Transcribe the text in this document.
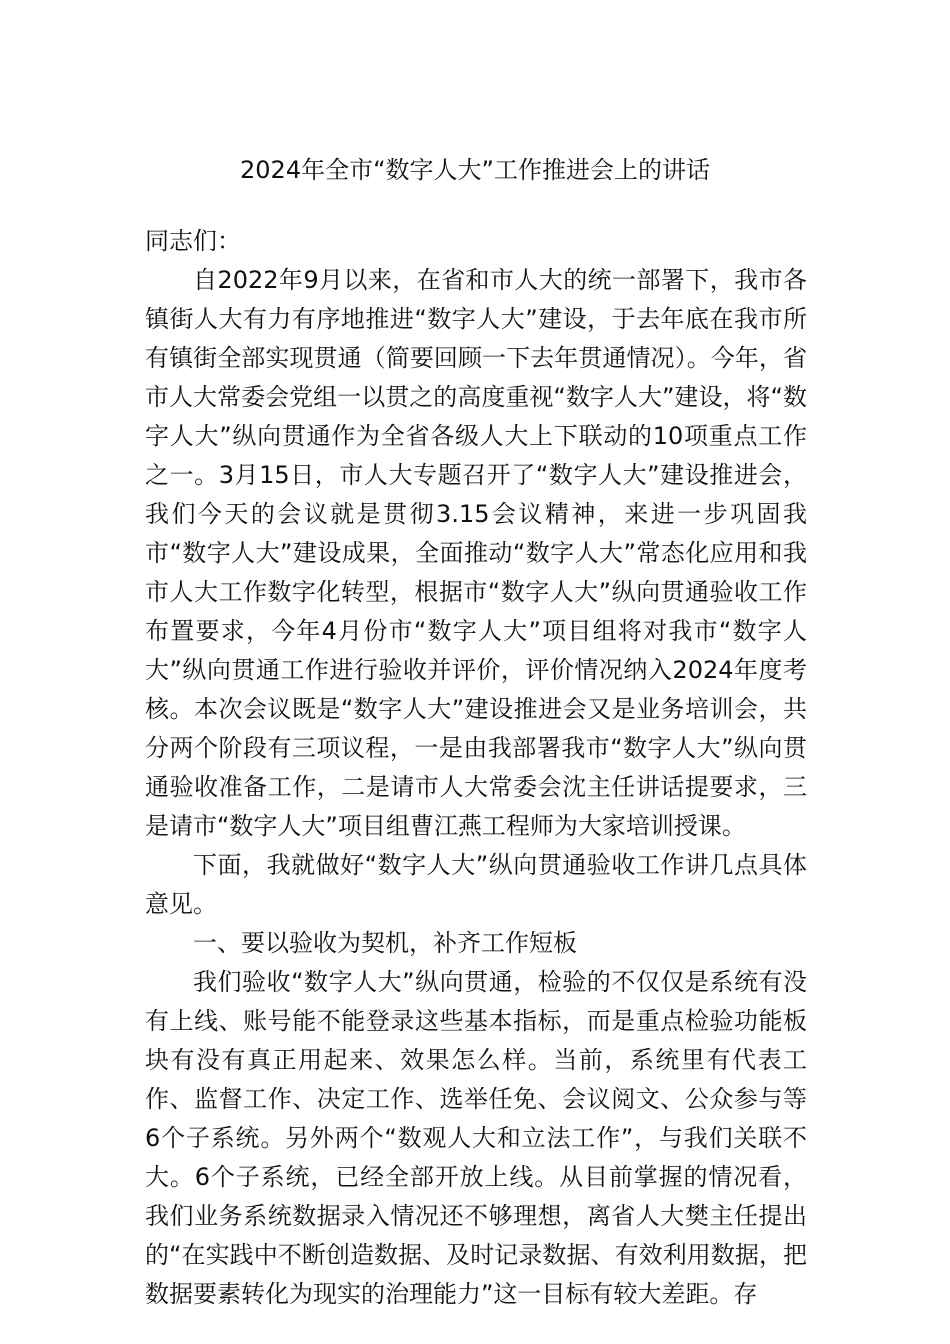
2024年全市“数字人大”工作推进会上的讲话

同志们：

自2022年9月以来，在省和市人大的统一部署下，我市各镇街人大有力有序地推进“数字人大”建设，于去年底在我市所有镇街全部实现贯通（简要回顾一下去年贯通情况）。今年，省市人大常委会党组一以贯之的高度重视“数字人大”建设，将“数字人大”纵向贯通作为全省各级人大上下联动的10项重点工作之一。3月15日，市人大专题召开了“数字人大”建设推进会，我们今天的会议就是贯彻3.15会议精神，来进一步巩固我市“数字人大”建设成果，全面推动“数字人大”常态化应用和我市人大工作数字化转型，根据市“数字人大”纵向贯通验收工作布置要求，今年4月份市“数字人大”项目组将对我市“数字人大”纵向贯通工作进行验收并评价，评价情况纳入2024年度考核。本次会议既是“数字人大”建设推进会又是业务培训会，共分两个阶段有三项议程，一是由我部署我市“数字人大”纵向贯通验收准备工作，二是请市人大常委会沈主任讲话提要求，三是请市“数字人大”项目组曹江燕工程师为大家培训授课。

下面，我就做好“数字人大”纵向贯通验收工作讲几点具体意见。

一、要以验收为契机，补齐工作短板

我们验收“数字人大”纵向贯通，检验的不仅仅是系统有没有上线、账号能不能登录这些基本指标，而是重点检验功能板块有没有真正用起来、效果怎么样。当前，系统里有代表工作、监督工作、决定工作、选举任免、会议阅文、公众参与等6个子系统。另外两个“数观人大和立法工作”，与我们关联不大。6个子系统，已经全部开放上线。从目前掌握的情况看，我们业务系统数据录入情况还不够理想，离省人大樊主任提出的“在实践中不断创造数据、及时记录数据、有效利用数据，把数据要素转化为现实的治理能力”这一目标有较大差距。存
